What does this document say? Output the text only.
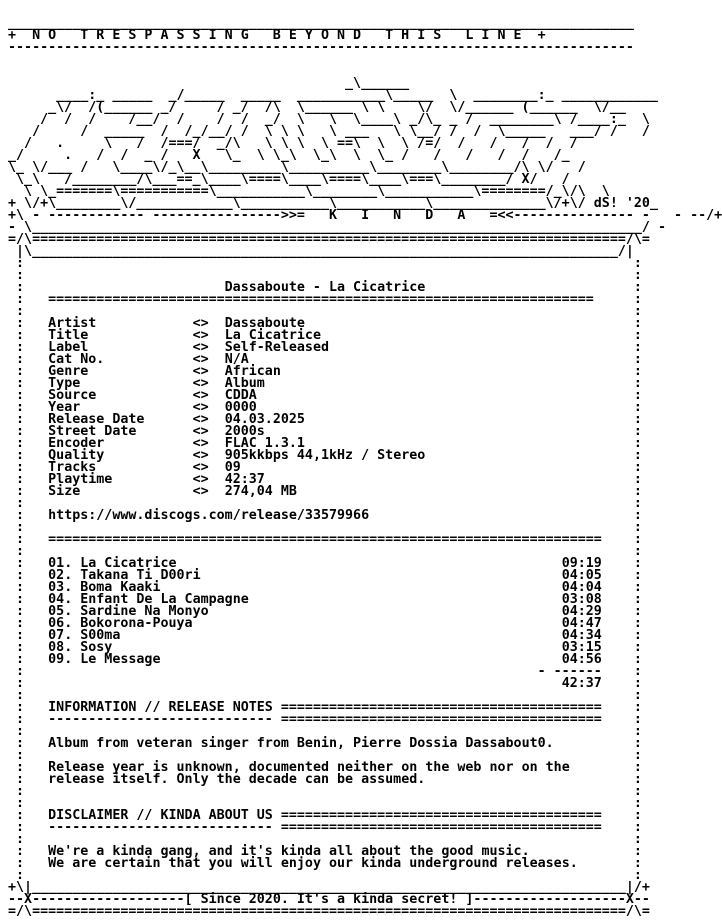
______________________________________________________________________________
+  N O   T R E S P A S S I N G   B E Y O N D   T H I S   L I N E  +
------------------------------------------------------------------------------

_\______
____:_ _____  _/_____  _____  ___________\_____  \  ________:_ ____________
_\/  /(______ _/     / _/  /\  \______ \ \    \/  \/______ (______  \/__
/  /  /    /__/  /    /  /  _/  \   \  \____\ _/\_ _ /  ________\ /____:_  \
/     /  _____  /  /_/__/ /  \ \ \   \ ___   \ \__/ /  /  \_____   ___/ /   /
/   .     \   /  /===/  _/\   \ \ \  \ ==\  \  \ /=/  /   /   /  /  /
_/     .   /  /  _ /   X   \_  \ \_\  \_\  \  \_ /   /   /   /  /   /_
\_ \/___ /   \____\/_\__\_________\__________\________\________/\ \/   /
\_\   /________/\___==_\____\====\____\====\____\===\________/ X/   /
\ \_=======\===========\___________\________\___________\========/_\/\  \
+ \/+\________\/____________\___________\___________\______________\/+\/ dS! '20_
+\ - ------------ ---------------->>=   K   I   N   D   A   =<<--------------- -   - --/+
- \____________________________________________________________________________/ -
=/\==========================================================================/\=
|\_________________________________________________________________________/|
:                                                                            :
:                                                                            :
:                         Dassaboute - La Cicatrice                          :
:   ====================================================================     :
:                                                                            :
:   Artist            <>  Dassaboute                                         :
:   Title             <>  La Cicatrice                                       :
:   Label             <>  Self-Released                                      :
:   Cat No.           <>  N/A                                                :
:   Genre             <>  African                                            :
:   Type              <>  Album                                              :
:   Source            <>  CDDA                                               :
:   Year              <>  0000                                               :
:   Release Date      <>  04.03.2025                                         :
:   Street Date       <>  2000s                                              :
:   Encoder           <>  FLAC 1.3.1                                         :
:   Quality           <>  905kkbps 44,1kHz / Stereo                          :
:   Tracks            <>  09                                                 :
:   Playtime          <>  42:37                                              :
:   Size              <>  274,04 MB                                          :
:                                                                            :
:   https://www.discogs.com/release/33579966                                 :
:                                                                            :
:   =====================================================================    :
:                                                                            :
:   01. La Cicatrice                                                09:19    :
:   02. Takana Ti D00ri                                             04:05    :
:   03. Boma Kaaki                                                  04:04    :
:   04. Enfant De La Campagne                                       03:08    :
:   05. Sardine Na Monyo                                            04:29    :
:   06. Bokorona-Pouya                                              04:47    :
:   07. S00ma                                                       04:34    :
:   08. Sosy                                                        03:15    :
:   09. Le Message                                                  04:56    :
:                                                                - ------    :
:	42:37    :
:                                                                            :
:   INFORMATION // RELEASE NOTES ========================================    :
:   ---------------------------- ========================================    :
:                                                                            :
:   Album from veteran singer from Benin, Pierre Dossia Dassabout0.          :
:                                                                            :
:   Release year is unknown, documented neither on the web nor on the        :
:   release itself. Only the decade can be assumed.                          :
:                                                                            :
:                                                                            :
:   DISCLAIMER // KINDA ABOUT US ========================================    :
:   ---------------------------- ========================================    :
:                                                                            :
:   We're a kinda gang, and it's kinda all about the good music.             :
:   We are certain that you will enjoy our kinda underground releases.       :
:                                                                            :
+\|__________________________________________________________________________|/+
--X-------------------[ Since 2020. It's a kinda secret! ]-------------------X--
=/\==========================================================================/\=
